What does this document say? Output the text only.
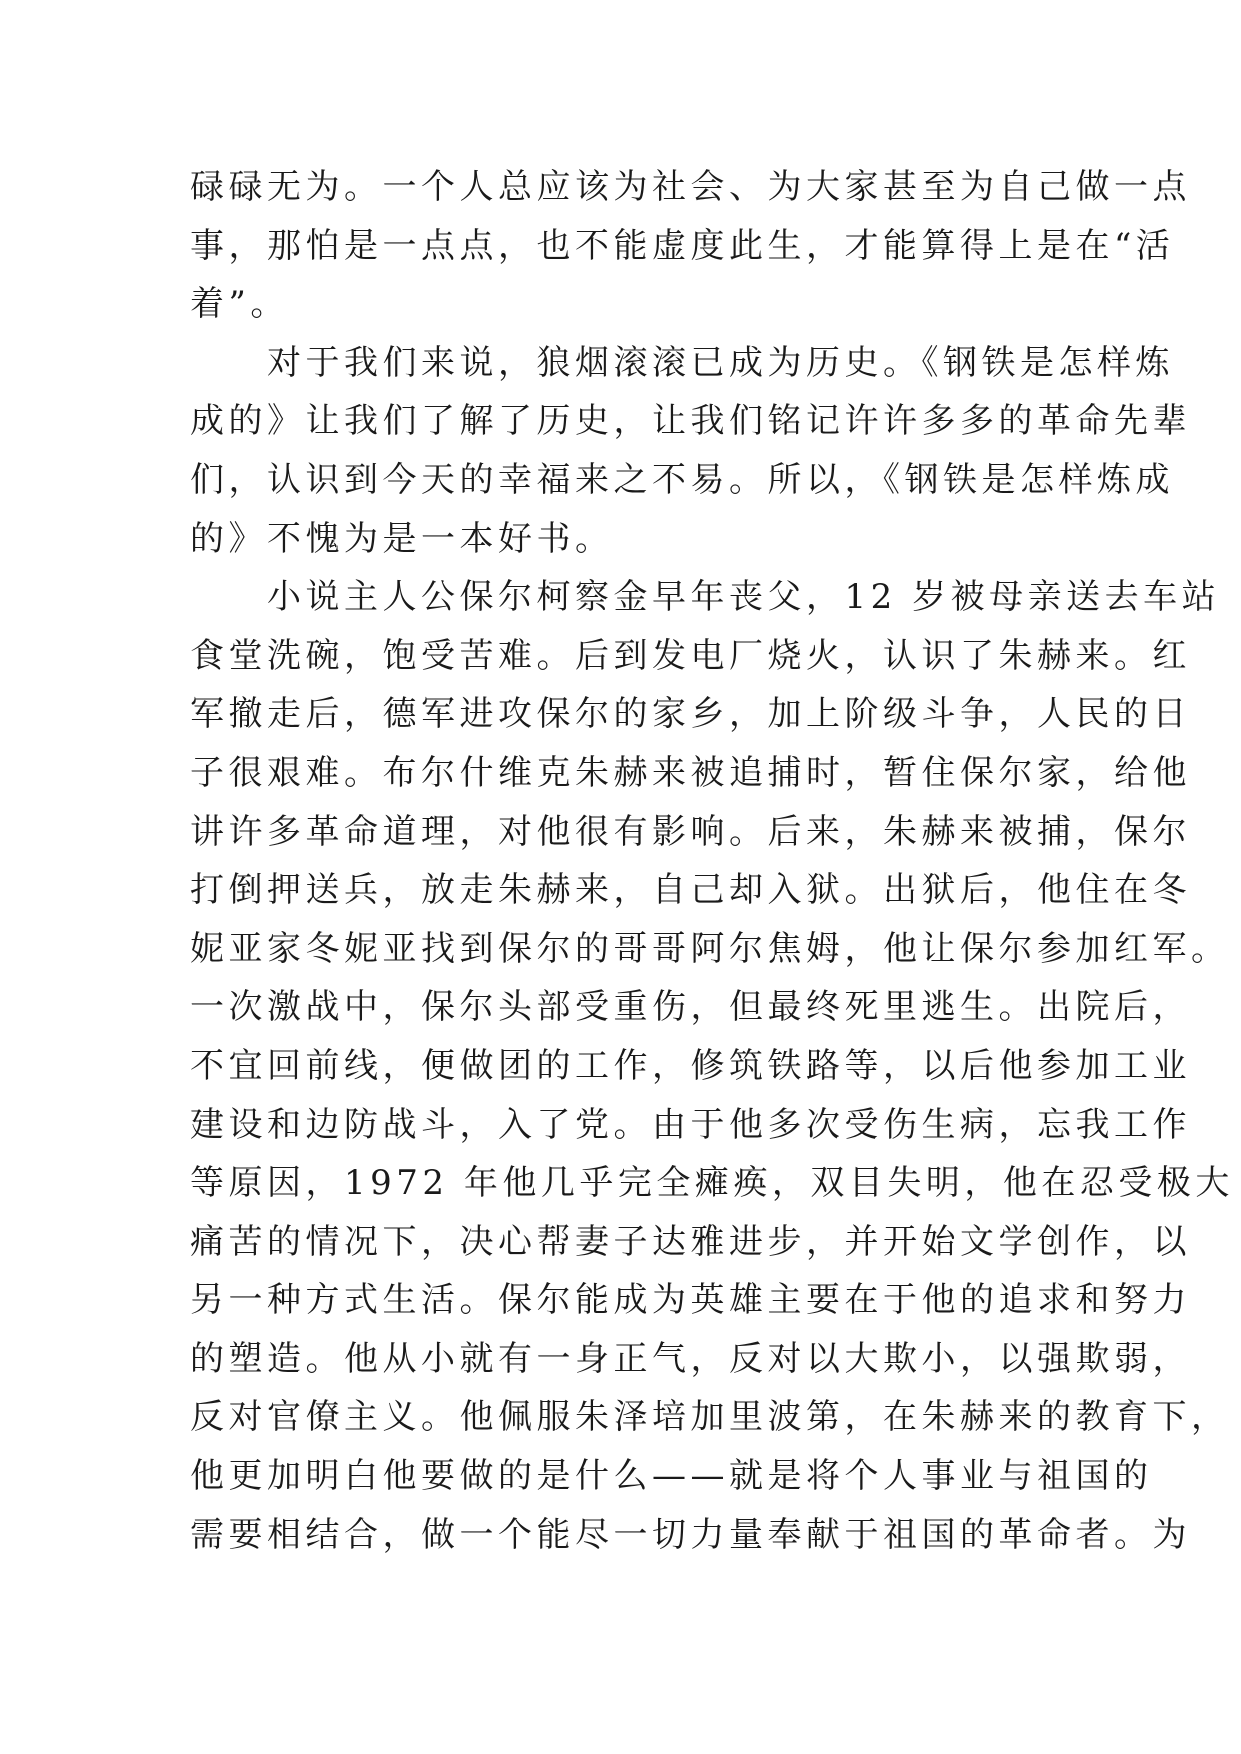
碌碌无为。一个人总应该为社会、为大家甚至为自己做一点
事，那怕是一点点，也不能虚度此生，才能算得上是在“活
着”。
　　对于我们来说，狼烟滚滚已成为历史。《钢铁是怎样炼
成的》让我们了解了历史，让我们铭记许许多多的革命先辈
们，认识到今天的幸福来之不易。所以，《钢铁是怎样炼成
的》不愧为是一本好书。
　　小说主人公保尔柯察金早年丧父，12 岁被母亲送去车站
食堂洗碗，饱受苦难。后到发电厂烧火，认识了朱赫来。红
军撤走后，德军进攻保尔的家乡，加上阶级斗争，人民的日
子很艰难。布尔什维克朱赫来被追捕时，暂住保尔家，给他
讲许多革命道理，对他很有影响。后来，朱赫来被捕，保尔
打倒押送兵，放走朱赫来，自己却入狱。出狱后，他住在冬
妮亚家冬妮亚找到保尔的哥哥阿尔焦姆，他让保尔参加红军。
一次激战中，保尔头部受重伤，但最终死里逃生。出院后，
不宜回前线，便做团的工作，修筑铁路等，以后他参加工业
建设和边防战斗，入了党。由于他多次受伤生病，忘我工作
等原因，1972 年他几乎完全瘫痪，双目失明，他在忍受极大
痛苦的情况下，决心帮妻子达雅进步，并开始文学创作，以
另一种方式生活。保尔能成为英雄主要在于他的追求和努力
的塑造。他从小就有一身正气，反对以大欺小，以强欺弱，
反对官僚主义。他佩服朱泽培加里波第，在朱赫来的教育下，
他更加明白他要做的是什么——就是将个人事业与祖国的
需要相结合，做一个能尽一切力量奉献于祖国的革命者。为
